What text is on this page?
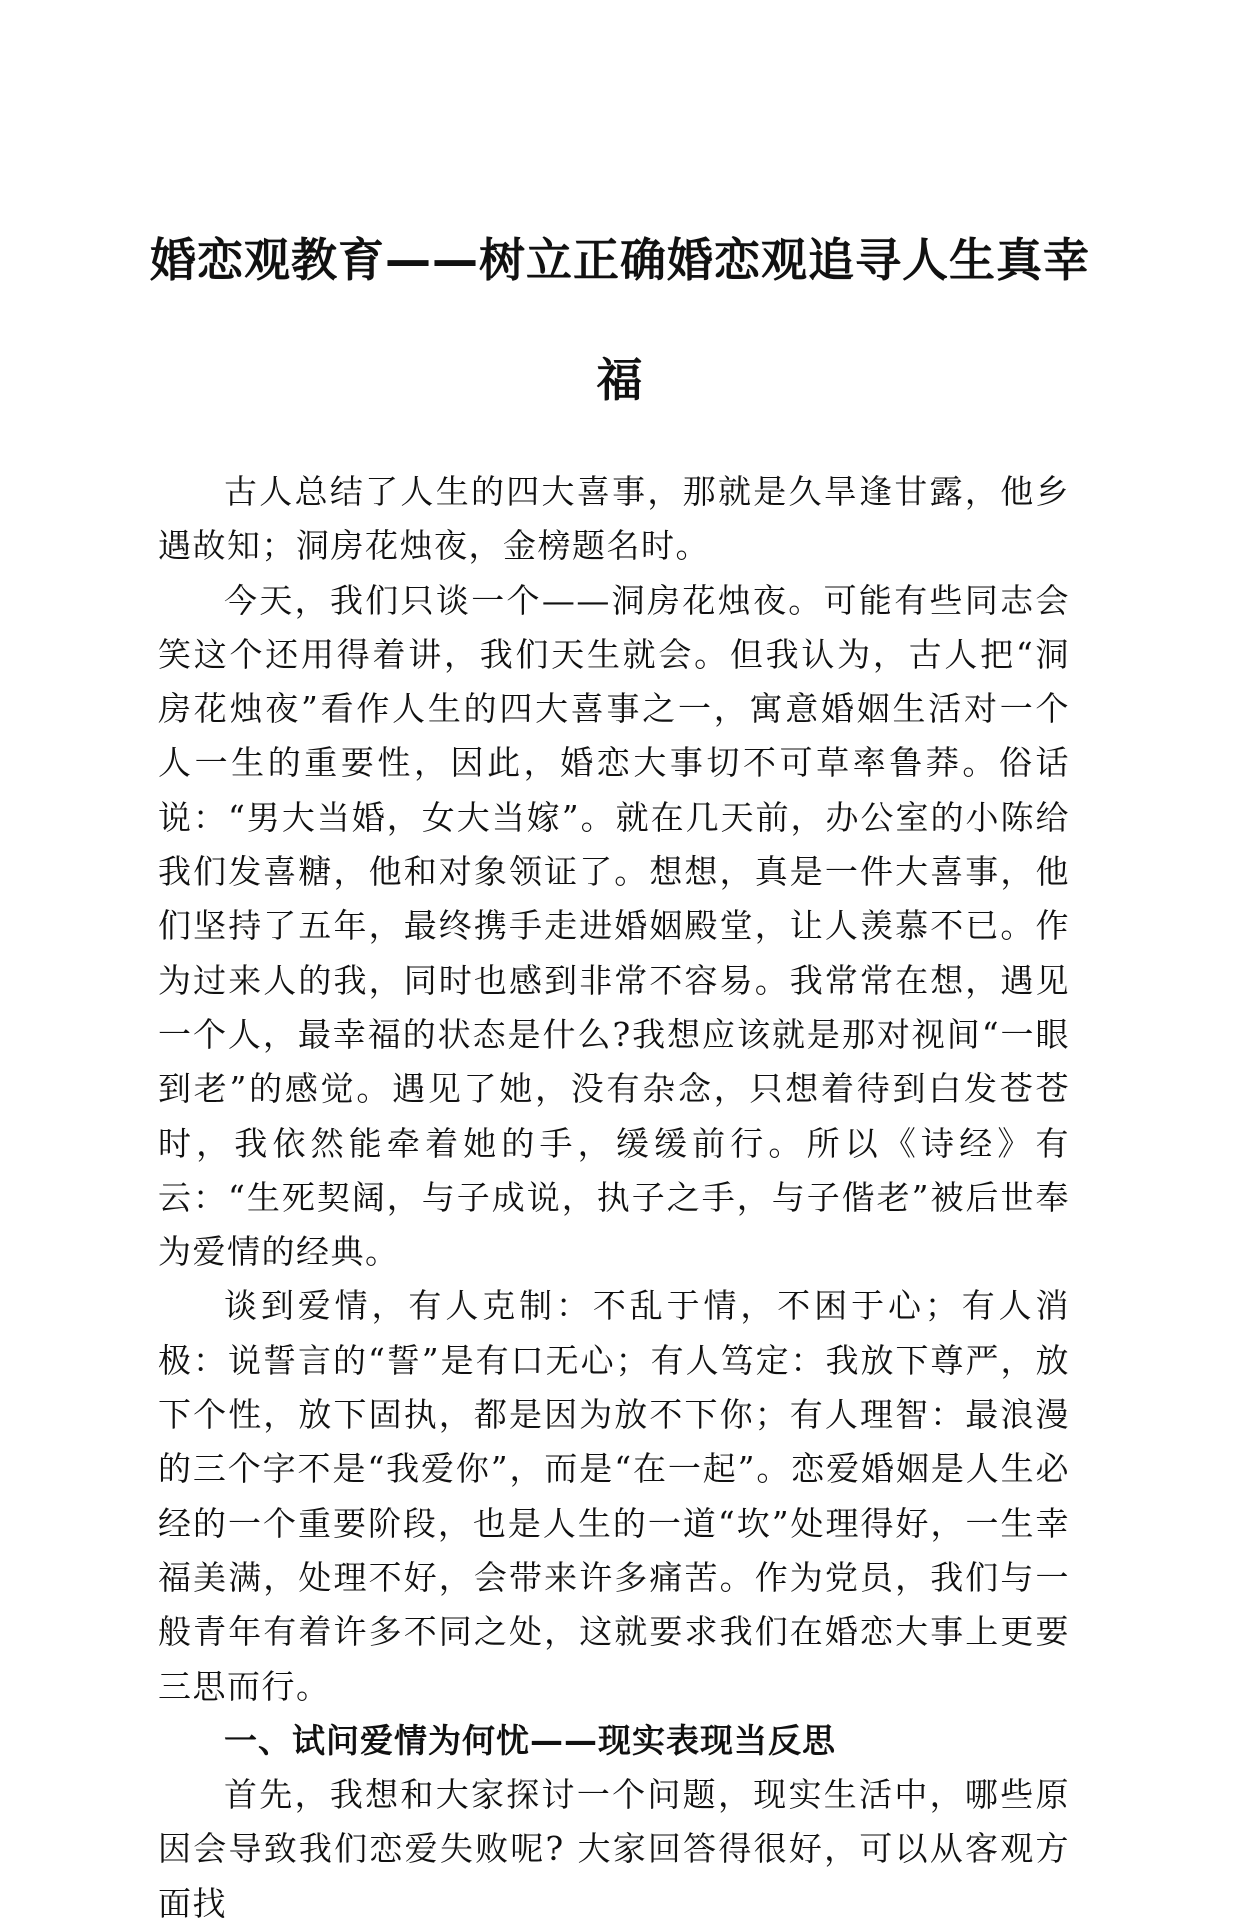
婚恋观教育——树立正确婚恋观追寻人生真幸
福

古人总结了人生的四大喜事，那就是久旱逢甘露，他乡遇故知；洞房花烛夜，金榜题名时。

今天，我们只谈一个——洞房花烛夜。可能有些同志会笑这个还用得着讲，我们天生就会。但我认为，古人把“洞房花烛夜”看作人生的四大喜事之一，寓意婚姻生活对一个人一生的重要性，因此，婚恋大事切不可草率鲁莽。俗话说：“男大当婚，女大当嫁”。就在几天前，办公室的小陈给我们发喜糖，他和对象领证了。想想，真是一件大喜事，他们坚持了五年，最终携手走进婚姻殿堂，让人羡慕不已。作为过来人的我，同时也感到非常不容易。我常常在想，遇见一个人，最幸福的状态是什么?我想应该就是那对视间“一眼到老”的感觉。遇见了她，没有杂念，只想着待到白发苍苍时，我依然能牵着她的手，缓缓前行。所以《诗经》有云：“生死契阔，与子成说，执子之手，与子偕老”被后世奉为爱情的经典。

谈到爱情，有人克制：不乱于情，不困于心；有人消极：说誓言的“誓”是有口无心；有人笃定：我放下尊严，放下个性，放下固执，都是因为放不下你；有人理智：最浪漫的三个字不是“我爱你”，而是“在一起”。恋爱婚姻是人生必经的一个重要阶段，也是人生的一道“坎”处理得好，一生幸福美满，处理不好，会带来许多痛苦。作为党员，我们与一般青年有着许多不同之处，这就要求我们在婚恋大事上更要三思而行。

一、试问爱情为何忧——现实表现当反思

首先，我想和大家探讨一个问题，现实生活中，哪些原因会导致我们恋爱失败呢? 大家回答得很好，可以从客观方面找
